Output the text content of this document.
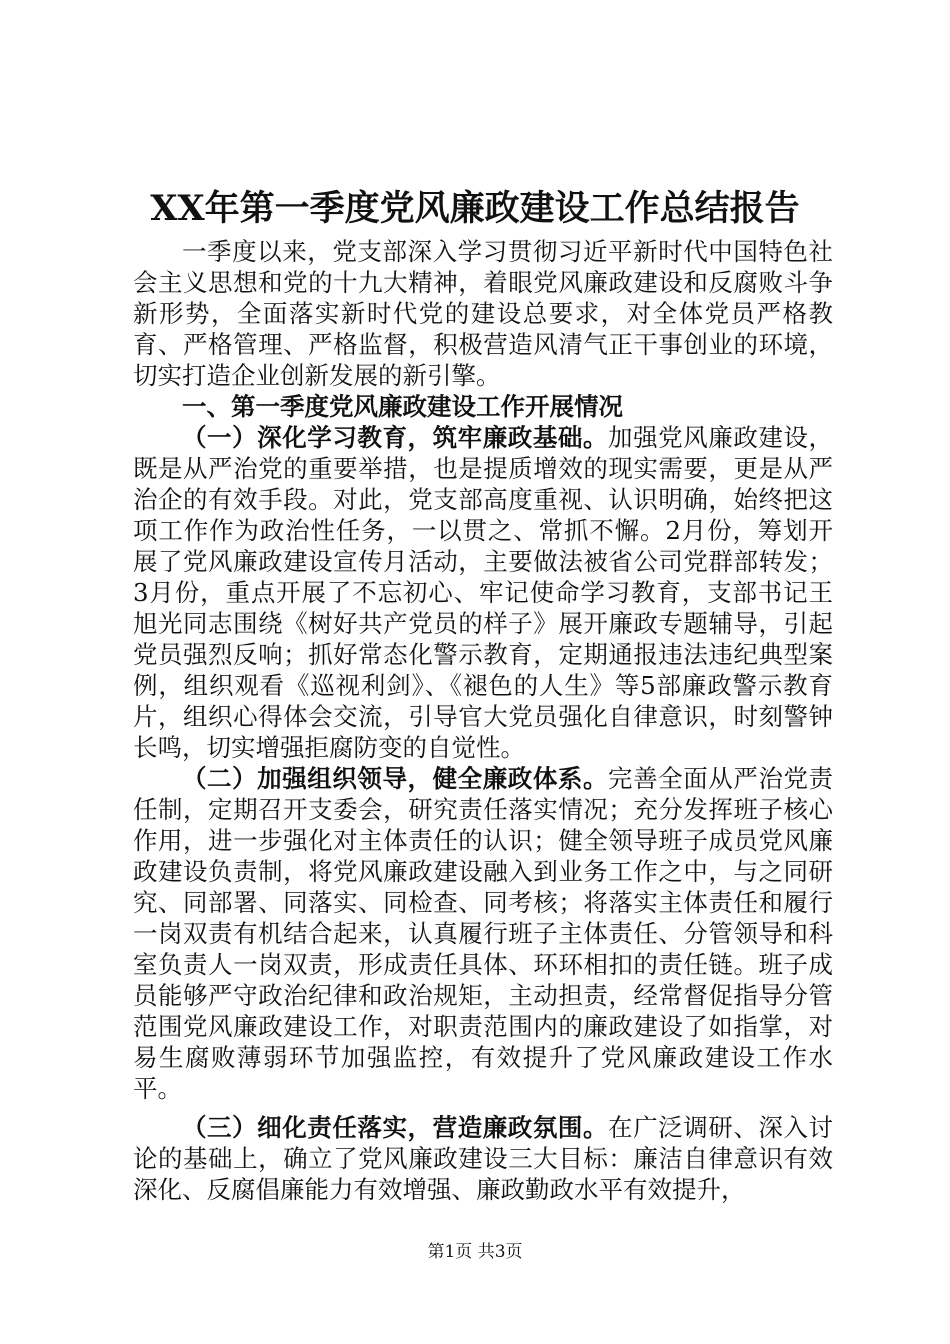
XX年第一季度党风廉政建设工作总结报告

一季度以来，党支部深入学习贯彻习近平新时代中国特色社会主义思想和党的十九大精神，着眼党风廉政建设和反腐败斗争新形势，全面落实新时代党的建设总要求，对全体党员严格教育、严格管理、严格监督，积极营造风清气正干事创业的环境，切实打造企业创新发展的新引擎。

一、第一季度党风廉政建设工作开展情况

（一）深化学习教育，筑牢廉政基础。加强党风廉政建设，既是从严治党的重要举措，也是提质增效的现实需要，更是从严治企的有效手段。对此，党支部高度重视、认识明确，始终把这项工作作为政治性任务，一以贯之、常抓不懈。2月份，筹划开展了党风廉政建设宣传月活动，主要做法被省公司党群部转发；3月份，重点开展了不忘初心、牢记使命学习教育，支部书记王旭光同志围绕《树好共产党员的样子》展开廉政专题辅导，引起党员强烈反响；抓好常态化警示教育，定期通报违法违纪典型案例，组织观看《巡视利剑》、《褪色的人生》等5部廉政警示教育片，组织心得体会交流，引导官大党员强化自律意识，时刻警钟长鸣，切实增强拒腐防变的自觉性。

（二）加强组织领导，健全廉政体系。完善全面从严治党责任制，定期召开支委会，研究责任落实情况；充分发挥班子核心作用，进一步强化对主体责任的认识；健全领导班子成员党风廉政建设负责制，将党风廉政建设融入到业务工作之中，与之同研究、同部署、同落实、同检查、同考核；将落实主体责任和履行一岗双责有机结合起来，认真履行班子主体责任、分管领导和科室负责人一岗双责，形成责任具体、环环相扣的责任链。班子成员能够严守政治纪律和政治规矩，主动担责，经常督促指导分管范围党风廉政建设工作，对职责范围内的廉政建设了如指掌，对易生腐败薄弱环节加强监控，有效提升了党风廉政建设工作水平。

（三）细化责任落实，营造廉政氛围。在广泛调研、深入讨论的基础上，确立了党风廉政建设三大目标：廉洁自律意识有效深化、反腐倡廉能力有效增强、廉政勤政水平有效提升，

第1页 共3页
